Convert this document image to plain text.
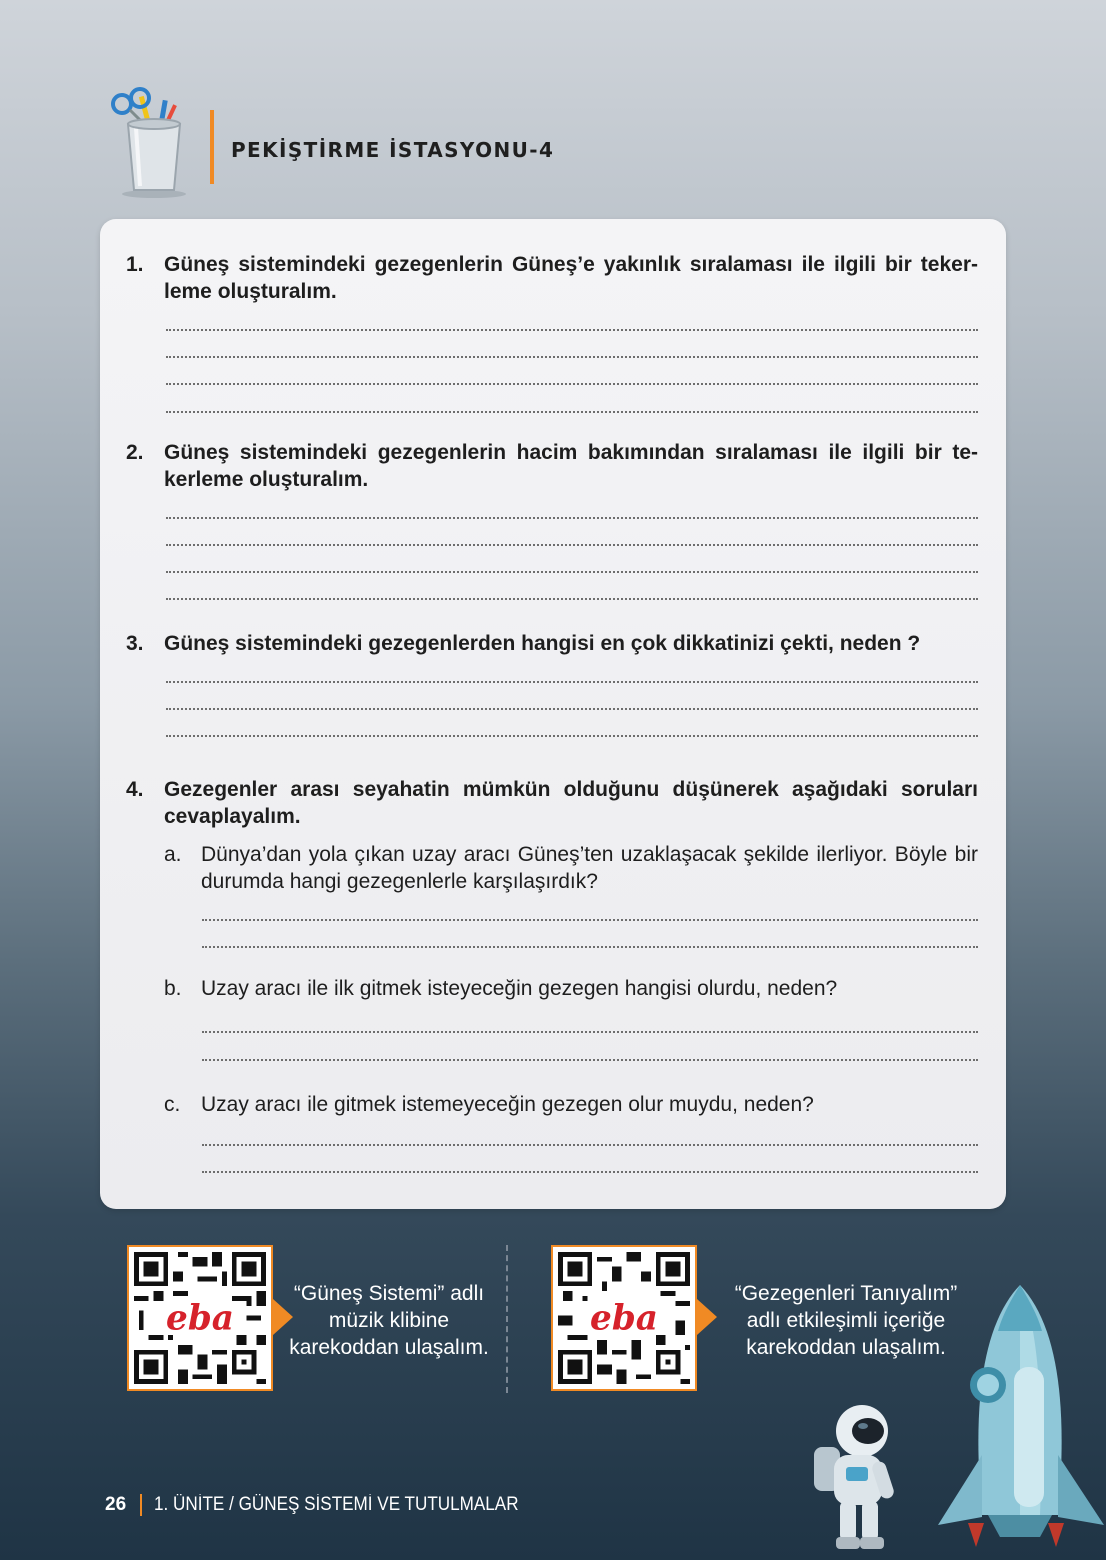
PEKİŞTİRME İSTASYONU-4
1. Güneş sistemindeki gezegenlerin Güneş’e yakınlık sıralaması ile ilgili bir teker-leme oluşturalım.
2. Güneş sistemindeki gezegenlerin hacim bakımından sıralaması ile ilgili bir te-kerleme oluşturalım.
3. Güneş sistemindeki gezegenlerden hangisi en çok dikkatinizi çekti, neden ?
4. Gezegenler arası seyahatin mümkün olduğunu düşünerek aşağıdaki soruları cevaplayalım.
a. Dünya’dan yola çıkan uzay aracı Güneş’ten uzaklaşacak şekilde ilerliyor. Böyle bir durumda hangi gezegenlerle karşılaşırdık?
b. Uzay aracı ile ilk gitmek isteyeceğin gezegen hangisi olurdu, neden?
c. Uzay aracı ile gitmek istemeyeceğin gezegen olur muydu, neden?
eba
“Güneş Sistemi” adlı
müzik klibine
karekoddan ulaşalım.
eba
“Gezegenleri Tanıyalım”
adlı etkileşimli içeriğe
karekoddan ulaşalım.
26 1. ÜNİTE / GÜNEŞ SİSTEMİ VE TUTULMALAR
